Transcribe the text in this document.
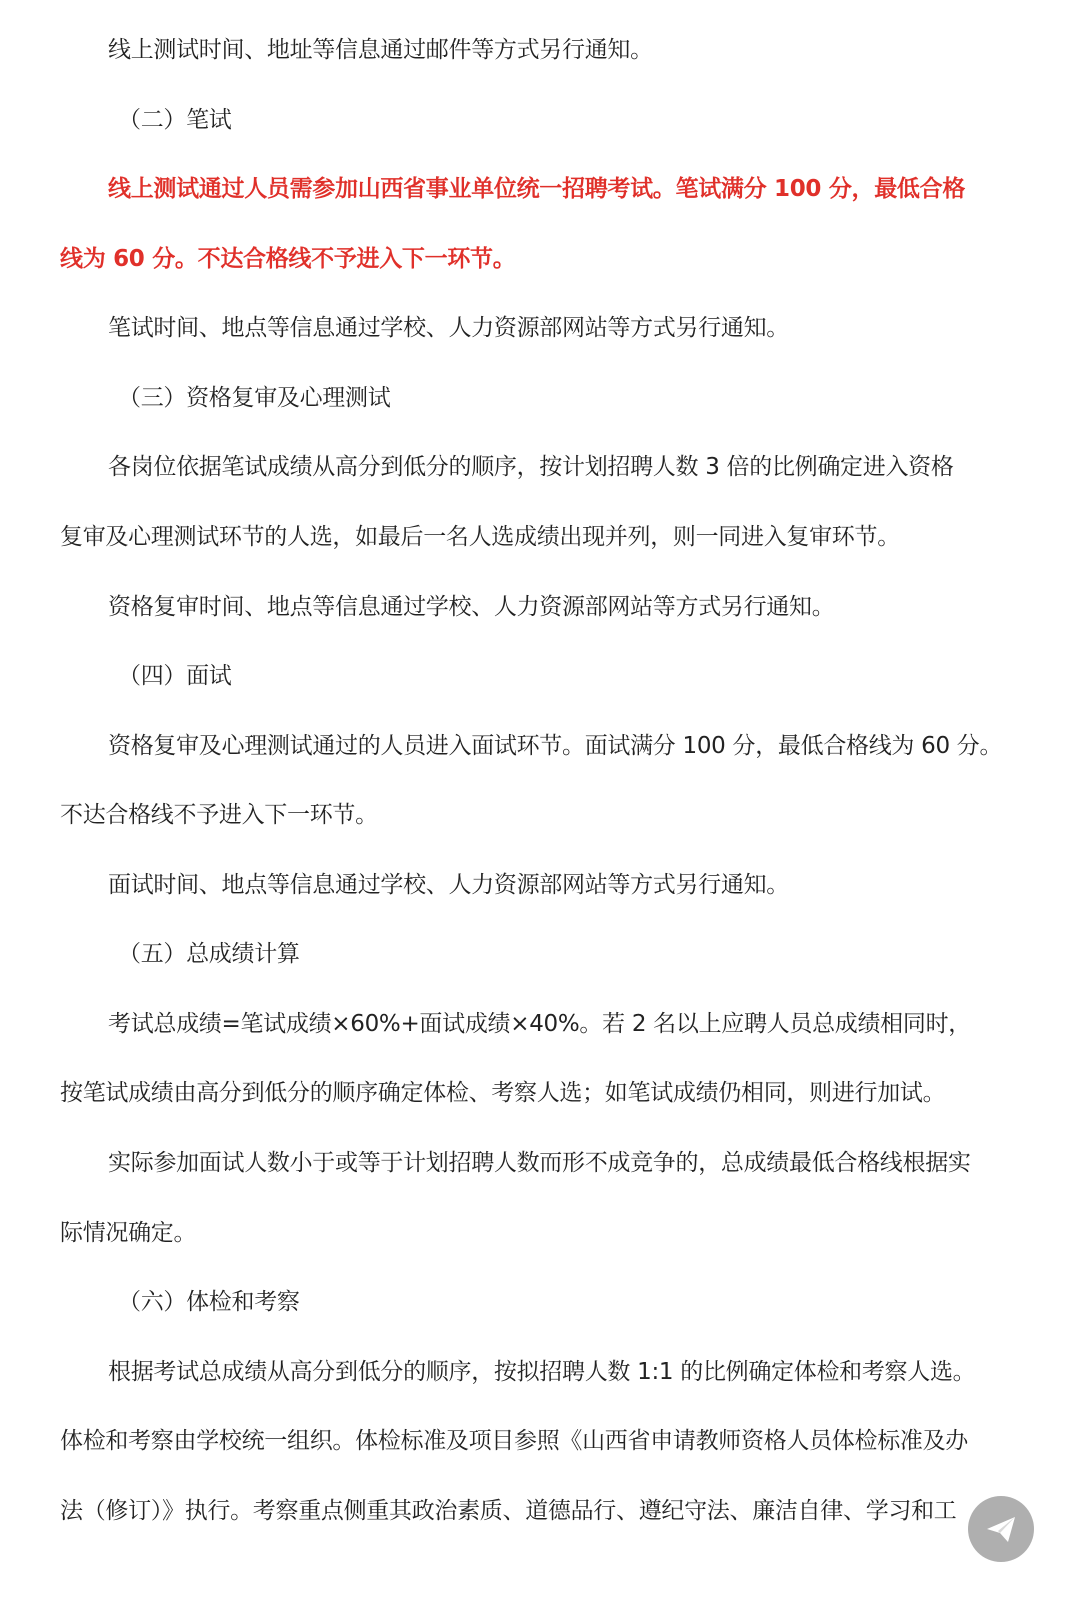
线上测试时间、地址等信息通过邮件等方式另行通知。
（二）笔试
线上测试通过人员需参加山西省事业单位统一招聘考试。笔试满分 100 分，最低合格
线为 60 分。不达合格线不予进入下一环节。
笔试时间、地点等信息通过学校、人力资源部网站等方式另行通知。
（三）资格复审及心理测试
各岗位依据笔试成绩从高分到低分的顺序，按计划招聘人数 3 倍的比例确定进入资格
复审及心理测试环节的人选，如最后一名人选成绩出现并列，则一同进入复审环节。
资格复审时间、地点等信息通过学校、人力资源部网站等方式另行通知。
（四）面试
资格复审及心理测试通过的人员进入面试环节。面试满分 100 分，最低合格线为 60 分。
不达合格线不予进入下一环节。
面试时间、地点等信息通过学校、人力资源部网站等方式另行通知。
（五）总成绩计算
考试总成绩=笔试成绩×60%+面试成绩×40%。若 2 名以上应聘人员总成绩相同时，
按笔试成绩由高分到低分的顺序确定体检、考察人选；如笔试成绩仍相同，则进行加试。
实际参加面试人数小于或等于计划招聘人数而形不成竞争的，总成绩最低合格线根据实
际情况确定。
（六）体检和考察
根据考试总成绩从高分到低分的顺序，按拟招聘人数 1:1 的比例确定体检和考察人选。
体检和考察由学校统一组织。体检标准及项目参照《山西省申请教师资格人员体检标准及办
法（修订）》执行。考察重点侧重其政治素质、道德品行、遵纪守法、廉洁自律、学习和工
